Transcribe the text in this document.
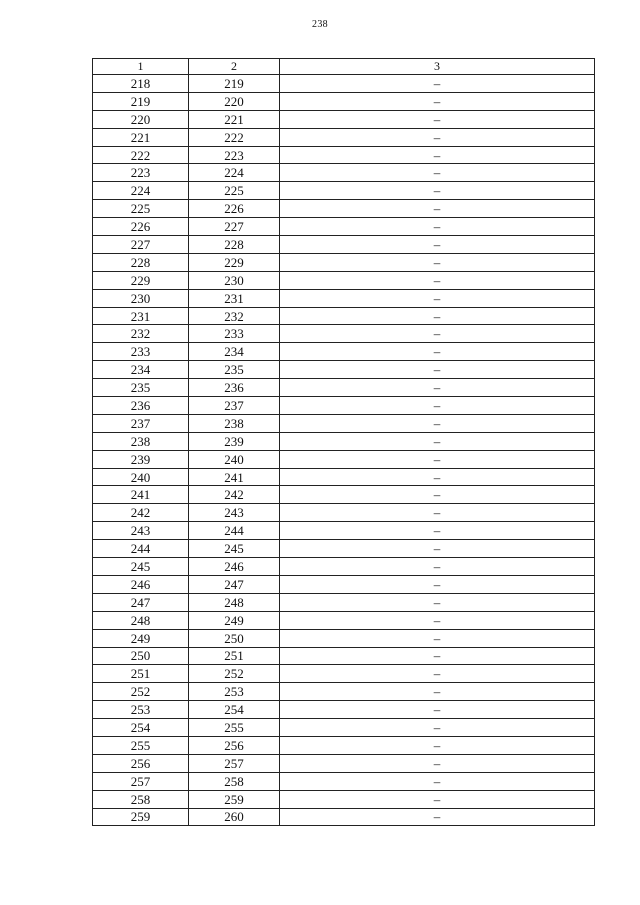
238
1	2	3
218	219	–
219	220	–
220	221	–
221	222	–
222	223	–
223	224	–
224	225	–
225	226	–
226	227	–
227	228	–
228	229	–
229	230	–
230	231	–
231	232	–
232	233	–
233	234	–
234	235	–
235	236	–
236	237	–
237	238	–
238	239	–
239	240	–
240	241	–
241	242	–
242	243	–
243	244	–
244	245	–
245	246	–
246	247	–
247	248	–
248	249	–
249	250	–
250	251	–
251	252	–
252	253	–
253	254	–
254	255	–
255	256	–
256	257	–
257	258	–
258	259	–
259	260	–
